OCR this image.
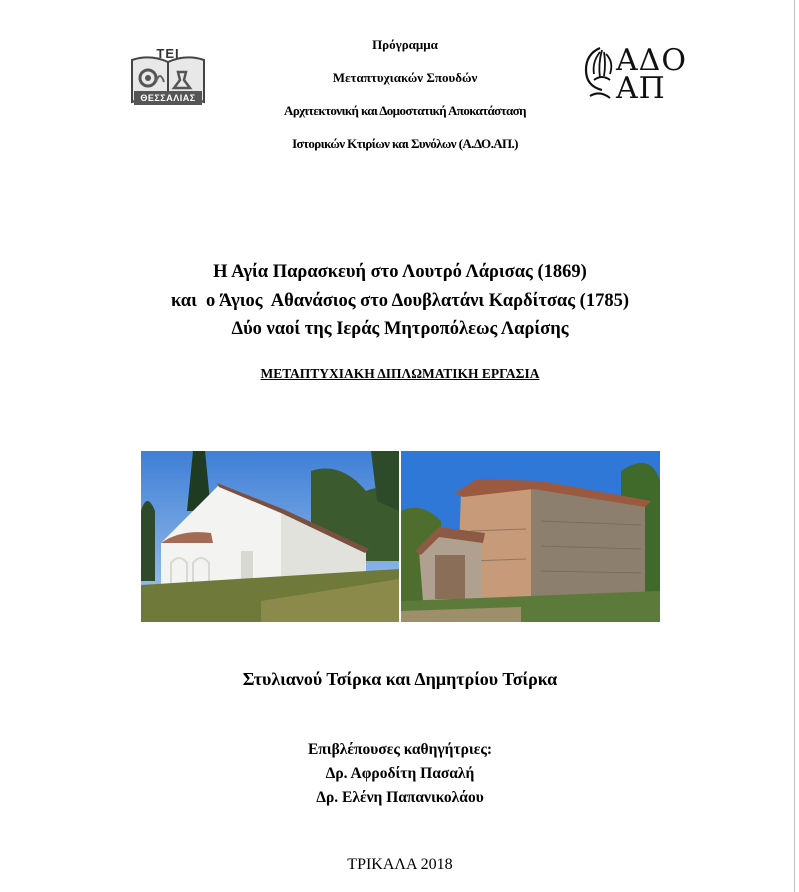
ΤΕΙ
ΘΕΣΣΑΛΙΑΣ
Πρόγραμμα
Μεταπτυχιακών Σπουδών
Αρχιτεκτονική και Δομοστατική Αποκατάσταση
Ιστορικών Κτιρίων και Συνόλων (Α.ΔΟ.ΑΠ.)
ΑΔΟ
ΑΠ
Η Αγία Παρασκευή στο Λουτρό Λάρισας (1869)
και  ο Άγιος  Αθανάσιος στο Δουβλατάνι Καρδίτσας (1785)
Δύο ναοί της Ιεράς Μητροπόλεως Λαρίσης
ΜΕΤΑΠΤΥΧΙΑΚΗ ΔΙΠΛΩΜΑΤΙΚΗ ΕΡΓΑΣΙΑ
Στυλιανού Τσίρκα και Δημητρίου Τσίρκα
Επιβλέπουσες καθηγήτριες:
Δρ. Αφροδίτη Πασαλή
Δρ. Ελένη Παπανικολάου
ΤΡΙΚΑΛΑ 2018
